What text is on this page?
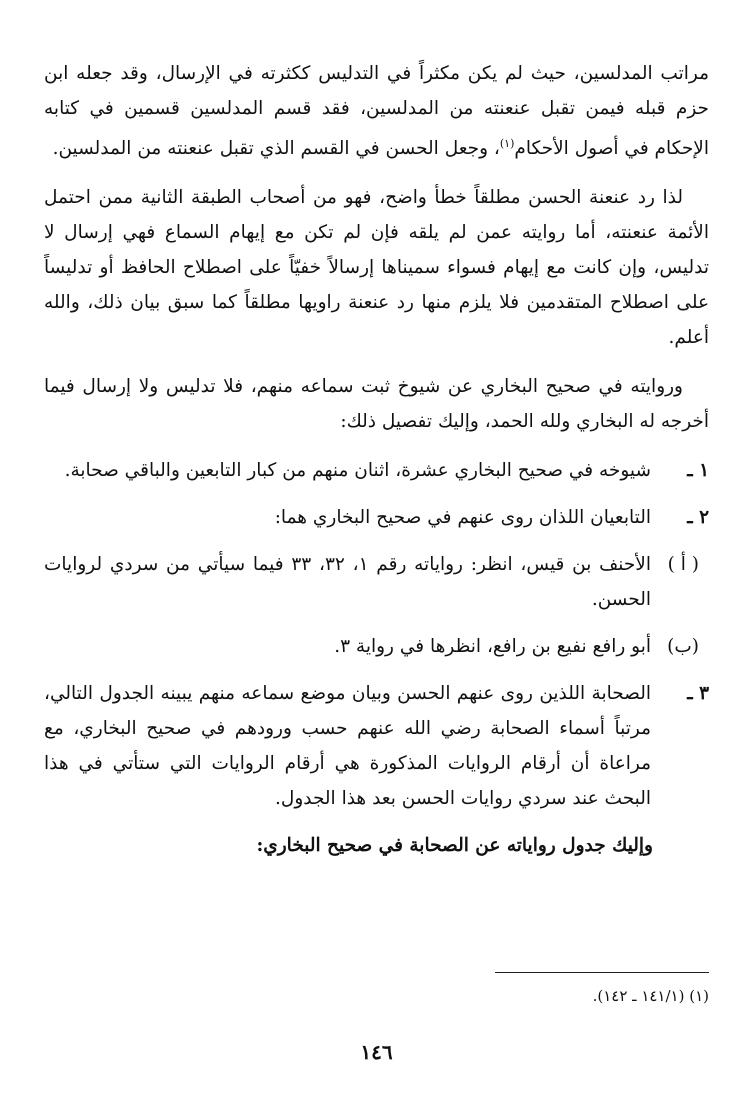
مراتب المدلسين، حيث لم يكن مكثراً في التدليس ككثرته في الإرسال، وقد جعله ابن حزم قبله فيمن تقبل عنعنته من المدلسين، فقد قسم المدلسين قسمين في كتابه الإحكام في أصول الأحكام$^{(١)}$، وجعل الحسن في القسم الذي تقبل عنعنته من المدلسين.

لذا رد عنعنة الحسن مطلقاً خطأ واضح، فهو من أصحاب الطبقة الثانية ممن احتمل الأئمة عنعنته، أما روايته عمن لم يلقه فإن لم تكن مع إيهام السماع فهي إرسال لا تدليس، وإن كانت مع إيهام فسواء سميناها إرسالاً خفيّاً على اصطلاح الحافظ أو تدليساً على اصطلاح المتقدمين فلا يلزم منها رد عنعنة راويها مطلقاً كما سبق بيان ذلك، والله أعلم.

وروايته في صحيح البخاري عن شيوخ ثبت سماعه منهم، فلا تدليس ولا إرسال فيما أخرجه له البخاري ولله الحمد، وإليك تفصيل ذلك:

١ ـ
شيوخه في صحيح البخاري عشرة، اثنان منهم من كبار التابعين والباقي صحابة.
٢ ـ
التابعيان اللذان روى عنهم في صحيح البخاري هما:
( أ )
الأحنف بن قيس، انظر: رواياته رقم ١، ٣٢، ٣٣ فيما سيأتي من سردي لروايات الحسن.
(ب)
أبو رافع نفيع بن رافع، انظرها في رواية ٣.
٣ ـ
الصحابة اللذين روى عنهم الحسن وبيان موضع سماعه منهم يبينه الجدول التالي، مرتباً أسماء الصحابة رضي الله عنهم حسب ورودهم في صحيح البخاري، مع مراعاة أن أرقام الروايات المذكورة هي أرقام الروايات التي ستأتي في هذا البحث عند سردي روايات الحسن بعد هذا الجدول.

وإليك جدول رواياته عن الصحابة في صحيح البخاري:

(١) (١٤١/١ ـ ١٤٢).
١٤٦
